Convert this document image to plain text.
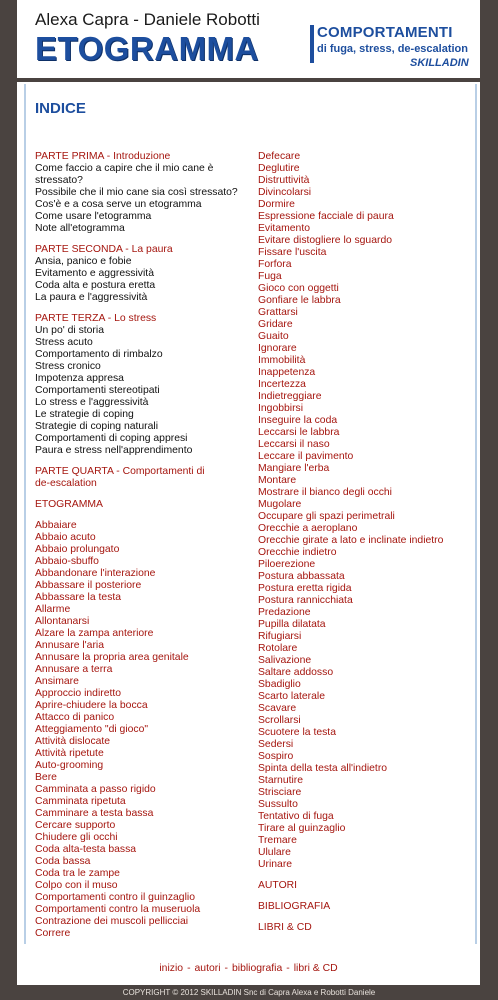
Alexa Capra - Daniele Robotti
ETOGRAMMA	COMPORTAMENTI
di fuga, stress, de-escalation
SKILLADIN
INDICE
PARTE PRIMA - Introduzione
Come faccio a capire che il mio cane è
stressato?
Possibile che il mio cane sia così stressato?
Cos'è e a cosa serve un etogramma
Come usare l'etogramma
Note all'etogramma
PARTE SECONDA - La paura
Ansia, panico e fobie
Evitamento e aggressività
Coda alta e postura eretta
La paura e l'aggressività
PARTE TERZA - Lo stress
Un po' di storia
Stress acuto
Comportamento di rimbalzo
Stress cronico
Impotenza appresa
Comportamenti stereotipati
Lo stress e l'aggressività
Le strategie di coping
Strategie di coping naturali
Comportamenti di coping appresi
Paura e stress nell'apprendimento
PARTE QUARTA - Comportamenti di
de-escalation
ETOGRAMMA
Abbaiare
Abbaio acuto
Abbaio prolungato
Abbaio-sbuffo
Abbandonare l'interazione
Abbassare il posteriore
Abbassare la testa
Allarme
Allontanarsi
Alzare la zampa anteriore
Annusare l'aria
Annusare la propria area genitale
Annusare a terra
Ansimare
Approccio indiretto
Aprire-chiudere la bocca
Attacco di panico
Atteggiamento "di gioco"
Attività dislocate
Attività ripetute
Auto-grooming
Bere
Camminata a passo rigido
Camminata ripetuta
Camminare a testa bassa
Cercare supporto
Chiudere gli occhi
Coda alta-testa bassa
Coda bassa
Coda tra le zampe
Colpo con il muso
Comportamenti contro il guinzaglio
Comportamenti contro la museruola
Contrazione dei muscoli pellicciai
Correre
Defecare
Deglutire
Distruttività
Divincolarsi
Dormire
Espressione facciale di paura
Evitamento
Evitare distogliere lo sguardo
Fissare l'uscita
Forfora
Fuga
Gioco con oggetti
Gonfiare le labbra
Grattarsi
Gridare
Guaito
Ignorare
Immobilità
Inappetenza
Incertezza
Indietreggiare
Ingobbirsi
Inseguire la coda
Leccarsi le labbra
Leccarsi il naso
Leccare il pavimento
Mangiare l'erba
Montare
Mostrare il bianco degli occhi
Mugolare
Occupare gli spazi perimetrali
Orecchie a aeroplano
Orecchie girate a lato e inclinate indietro
Orecchie indietro
Piloerezione
Postura abbassata
Postura eretta rigida
Postura rannicchiata
Predazione
Pupilla dilatata
Rifugiarsi
Rotolare
Salivazione
Saltare addosso
Sbadiglio
Scarto laterale
Scavare
Scrollarsi
Scuotere la testa
Sedersi
Sospiro
Spinta della testa all'indietro
Starnutire
Strisciare
Sussulto
Tentativo di fuga
Tirare al guinzaglio
Tremare
Ululare
Urinare
AUTORI
BIBLIOGRAFIA
LIBRI & CD
inizio - autori - bibliografia - libri & CD
COPYRIGHT © 2012 SKILLADIN Snc di Capra Alexa e Robotti Daniele
